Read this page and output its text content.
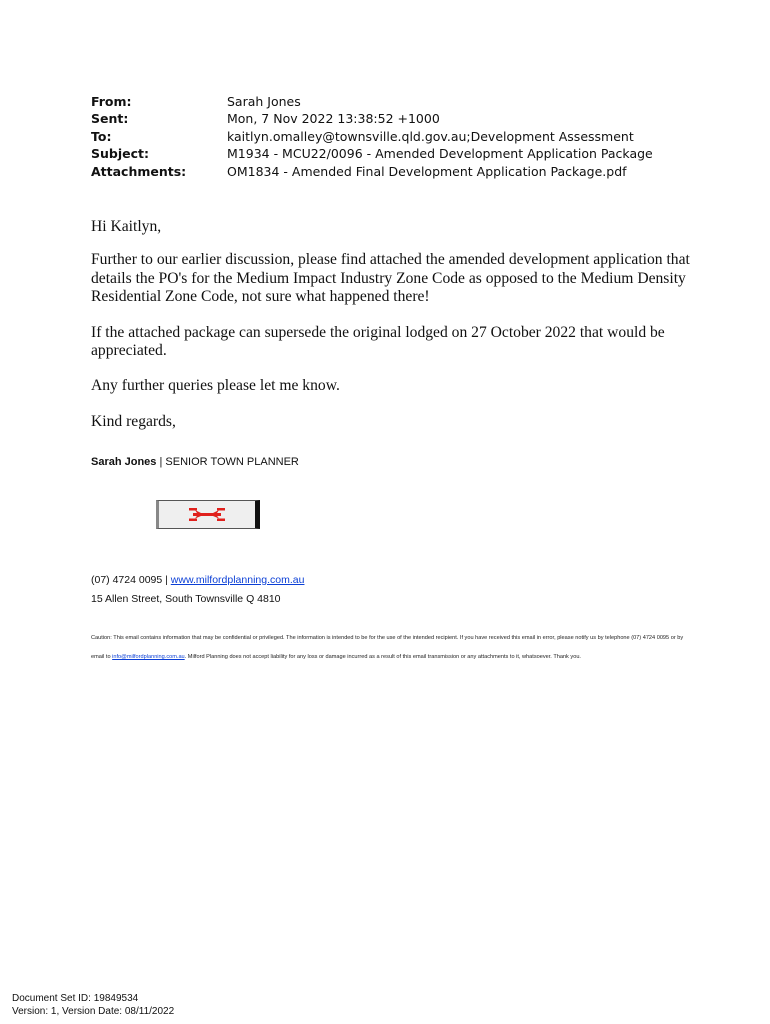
From:	Sarah Jones
Sent:	Mon, 7 Nov 2022 13:38:52 +1000
To:	kaitlyn.omalley@townsville.qld.gov.au;Development Assessment
Subject:	M1934 - MCU22/0096 - Amended Development Application Package
Attachments:	OM1834 - Amended Final Development Application Package.pdf

Hi Kaitlyn,

Further to our earlier discussion, please find attached the amended development application that details the PO's for the Medium Impact Industry Zone Code as opposed to the Medium Density Residential Zone Code, not sure what happened there!

If the attached package can supersede the original lodged on 27 October 2022 that would be appreciated.

Any further queries please let me know.

Kind regards,

Sarah Jones | SENIOR TOWN PLANNER
(07) 4724 0095 | www.milfordplanning.com.au
15 Allen Street, South Townsville Q 4810
Caution: This email contains information that may be confidential or privileged. The information is intended to be for the use of the intended recipient. If you have received this email in error, please notify us by telephone (07) 4724 0095 or by email to info@milfordplanning.com.au. Milford Planning does not accept liability for any loss or damage incurred as a result of this email transmission or any attachments to it, whatsoever. Thank you.
Document Set ID: 19849534
Version: 1, Version Date: 08/11/2022
